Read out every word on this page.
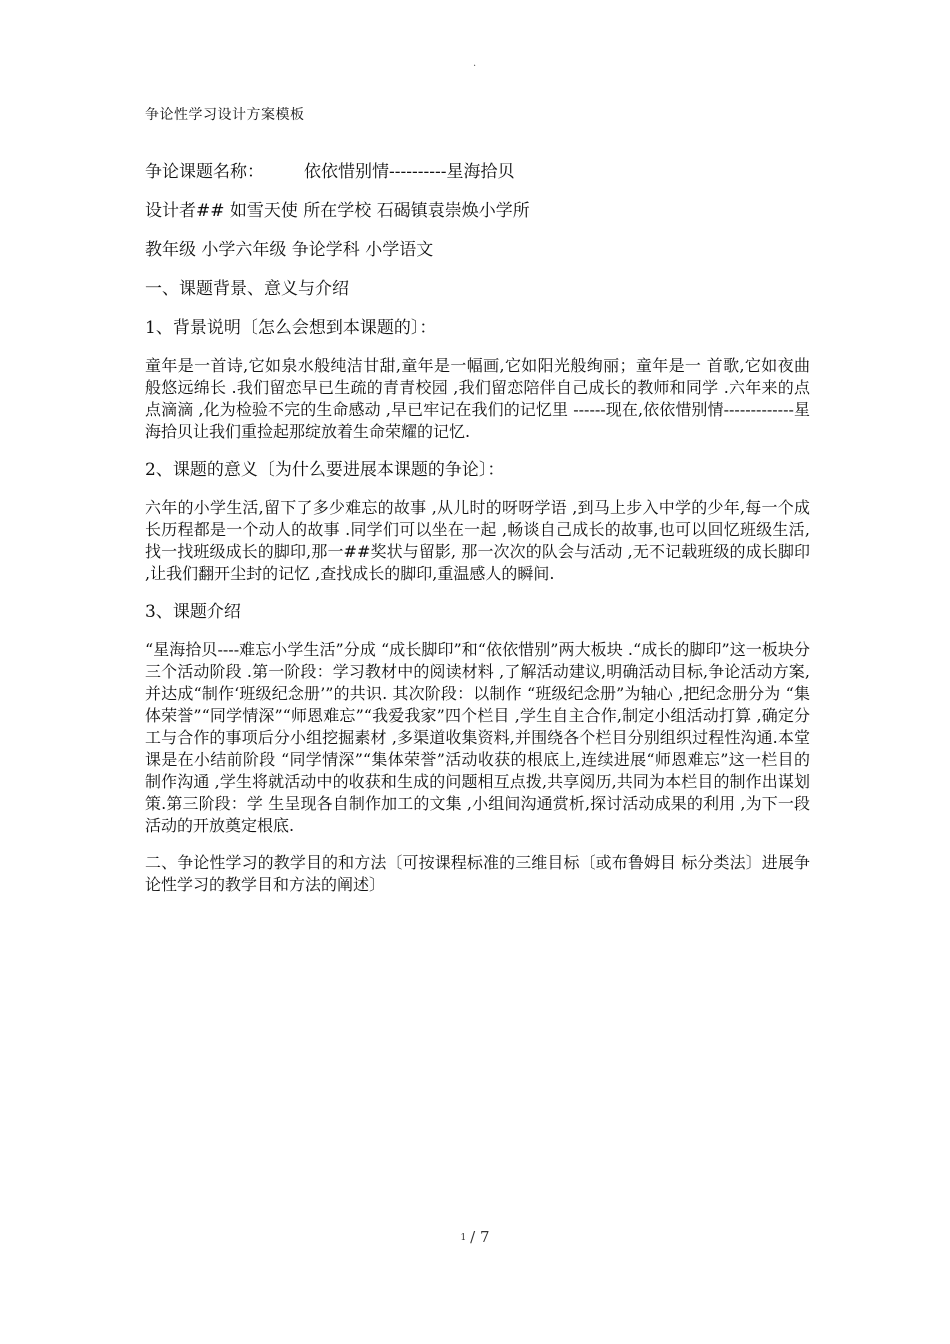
.
争论性学习设计方案模板
争论课题名称： 依依惜别情----------星海拾贝
设计者## 如雪天使 所在学校 石碣镇袁崇焕小学所
教年级 小学六年级 争论学科 小学语文
一、课题背景、意义与介绍
1、背景说明〔怎么会想到本课题的〕：

童年是一首诗,它如泉水般纯洁甘甜,童年是一幅画,它如阳光般绚丽；童年是一 首歌,它如夜曲般悠远绵长 .我们留恋早已生疏的青青校园 ,我们留恋陪伴自己成长的教师和同学 .六年来的点点滴滴 ,化为检验不完的生命感动 ,早已牢记在我们的记忆里 ------现在,依依惜别情-------------星海拾贝让我们重捡起那绽放着生命荣耀的记忆.

2、课题的意义〔为什么要进展本课题的争论〕：

六年的小学生活,留下了多少难忘的故事 ,从儿时的呀呀学语 ,到马上步入中学的少年,每一个成长历程都是一个动人的故事 .同学们可以坐在一起 ,畅谈自己成长的故事,也可以回忆班级生活,找一找班级成长的脚印,那一##奖状与留影, 那一次次的队会与活动 ,无不记载班级的成长脚印 ,让我们翻开尘封的记忆 ,查找成长的脚印,重温感人的瞬间.

3、课题介绍

“星海拾贝----难忘小学生活”分成 “成长脚印”和“依依惜别”两大板块 .“成长的脚印”这一板块分三个活动阶段 .第一阶段：学习教材中的阅读材料 ,了解活动建议,明确活动目标,争论活动方案,并达成“制作‘班级纪念册’”的共识. 其次阶段：以制作 “班级纪念册”为轴心 ,把纪念册分为 “集体荣誉”“同学情深”“师恩难忘”“我爱我家”四个栏目 ,学生自主合作,制定小组活动打算 ,确定分工与合作的事项后分小组挖掘素材 ,多渠道收集资料,并围绕各个栏目分别组织过程性沟通.本堂课是在小结前阶段 “同学情深”“集体荣誉”活动收获的根底上,连续进展“师恩难忘”这一栏目的制作沟通 ,学生将就活动中的收获和生成的问题相互点拨,共享阅历,共同为本栏目的制作出谋划策.第三阶段：学 生呈现各自制作加工的文集 ,小组间沟通赏析,探讨活动成果的利用 ,为下一段活动的开放奠定根底.

二、争论性学习的教学目的和方法〔可按课程标准的三维目标〔或布鲁姆目 标分类法〕进展争论性学习的教学目和方法的阐述〕

1 / 7
